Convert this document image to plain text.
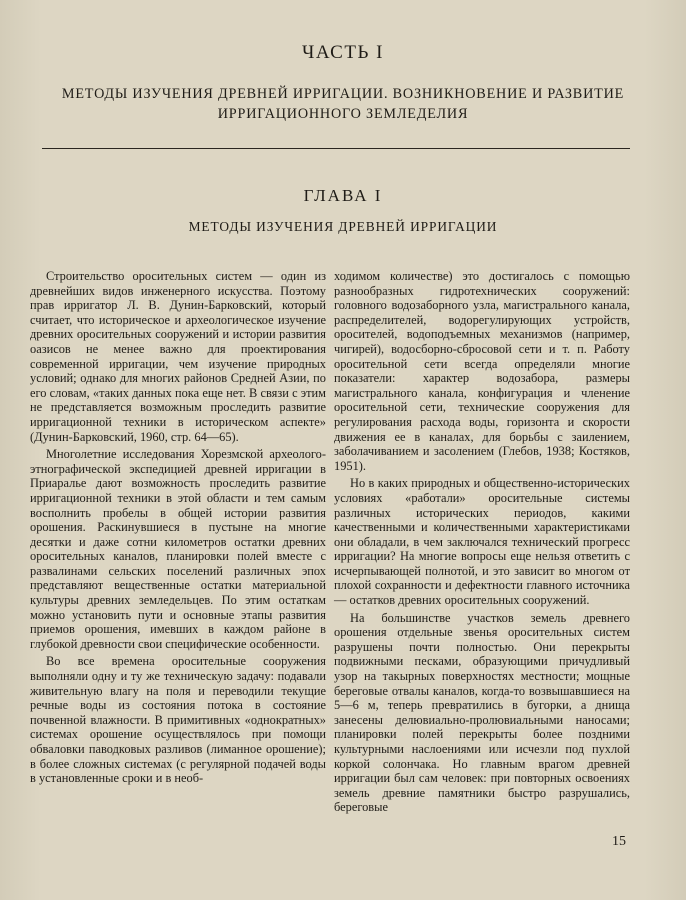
ЧАСТЬ I
МЕТОДЫ ИЗУЧЕНИЯ ДРЕВНЕЙ ИРРИГАЦИИ. ВОЗНИКНОВЕНИЕ И РАЗВИТИЕ ИРРИГАЦИОННОГО ЗЕМЛЕДЕЛИЯ
ГЛАВА I
МЕТОДЫ ИЗУЧЕНИЯ ДРЕВНЕЙ ИРРИГАЦИИ

Строительство оросительных систем — один из древнейших видов инженерного искусства. Поэтому прав ирригатор Л. В. Дунин-Барковский, который считает, что историческое и археологическое изучение древних оросительных сооружений и истории развития оазисов не менее важно для проектирования современной ирригации, чем изучение природных условий; однако для многих районов Средней Азии, по его словам, «таких данных пока еще нет. В связи с этим не представляется возможным проследить развитие ирригационной техники в историческом аспекте» (Дунин-Барковский, 1960, стр. 64—65).

Многолетние исследования Хорезмской археолого-этнографической экспедицией древней ирригации в Приаралье дают возможность проследить развитие ирригационной техники в этой области и тем самым восполнить пробелы в общей истории развития орошения. Раскинувшиеся в пустыне на многие десятки и даже сотни километров остатки древних оросительных каналов, планировки полей вместе с развалинами сельских поселений различных эпох представляют вещественные остатки материальной культуры древних земледельцев. По этим остаткам можно установить пути и основные этапы развития приемов орошения, имевших в каждом районе в глубокой древности свои специфические особенности.

Во все времена оросительные сооружения выполняли одну и ту же техническую задачу: подавали живительную влагу на поля и переводили текущие речные воды из состояния потока в состояние почвенной влажности. В примитивных «однократных» системах орошение осуществлялось при помощи обваловки паводковых разливов (лиманное орошение); в более сложных системах (с регулярной подачей воды в установленные сроки и в необ-

ходимом количестве) это достигалось с помощью разнообразных гидротехнических сооружений: головного водозаборного узла, магистрального канала, распределителей, водорегулирующих устройств, оросителей, водоподъемных механизмов (например, чигирей), водосборно-сбросовой сети и т. п. Работу оросительной сети всегда определяли многие показатели: характер водозабора, размеры магистрального канала, конфигурация и членение оросительной сети, технические сооружения для регулирования расхода воды, горизонта и скорости движения ее в каналах, для борьбы с заилением, заболачиванием и засолением (Глебов, 1938; Костяков, 1951).

Но в каких природных и общественно-исторических условиях «работали» оросительные системы различных исторических периодов, какими качественными и количественными характеристиками они обладали, в чем заключался технический прогресс ирригации? На многие вопросы еще нельзя ответить с исчерпывающей полнотой, и это зависит во многом от плохой сохранности и дефектности главного источника — остатков древних оросительных сооружений.

На большинстве участков земель древнего орошения отдельные звенья оросительных систем разрушены почти полностью. Они перекрыты подвижными песками, образующими причудливый узор на такырных поверхностях местности; мощные береговые отвалы каналов, когда-то возвышавшиеся на 5—6 м, теперь превратились в бугорки, а днища занесены делювиально-пролювиальными наносами; планировки полей перекрыты более поздними культурными наслоениями или исчезли под пухлой коркой солончака. Но главным врагом древней ирригации был сам человек: при повторных освоениях земель древние памятники быстро разрушались, береговые

15
